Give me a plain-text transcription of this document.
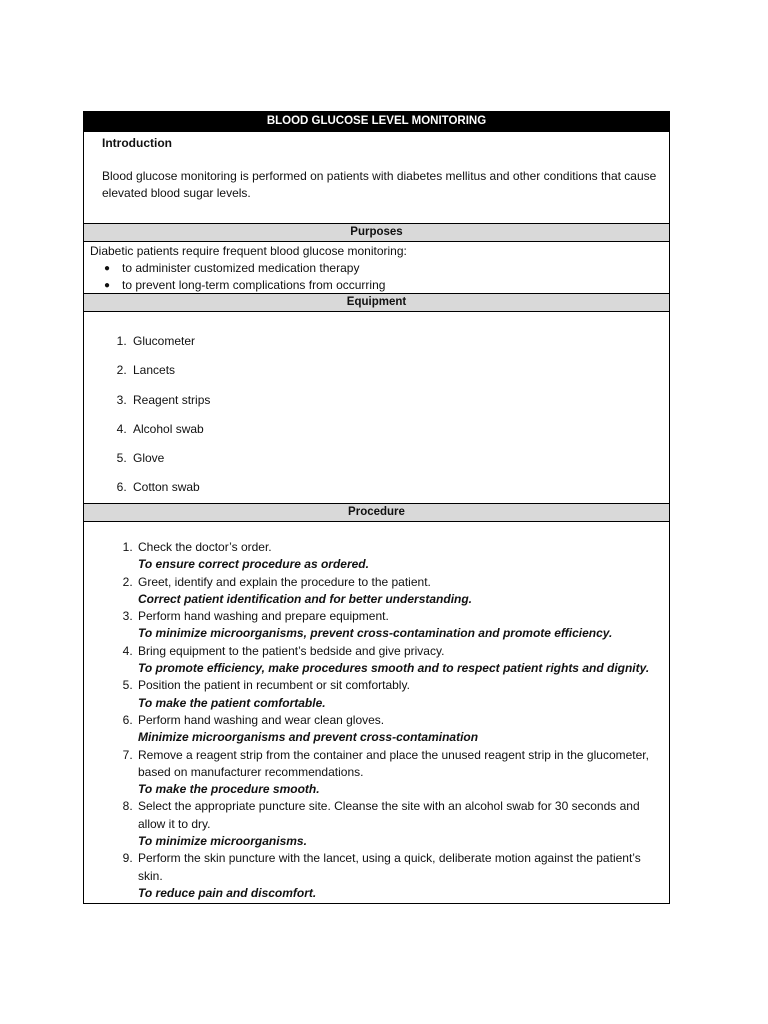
BLOOD GLUCOSE LEVEL MONITORING
Introduction
Blood glucose monitoring is performed on patients with diabetes mellitus and other conditions that cause elevated blood sugar levels.
Purposes
Diabetic patients require frequent blood glucose monitoring:
● to administer customized medication therapy
● to prevent long-term complications from occurring
Equipment
1. Glucometer
2. Lancets
3. Reagent strips
4. Alcohol swab
5. Glove
6. Cotton swab
Procedure
1. Check the doctor’s order.
To ensure correct procedure as ordered.
2. Greet, identify and explain the procedure to the patient.
Correct patient identification and for better understanding.
3. Perform hand washing and prepare equipment.
To minimize microorganisms, prevent cross-contamination and promote efficiency.
4. Bring equipment to the patient’s bedside and give privacy.
To promote efficiency, make procedures smooth and to respect patient rights and dignity.
5. Position the patient in recumbent or sit comfortably.
To make the patient comfortable.
6. Perform hand washing and wear clean gloves.
Minimize microorganisms and prevent cross-contamination
7. Remove a reagent strip from the container and place the unused reagent strip in the glucometer, based on manufacturer recommendations.
To make the procedure smooth.
8. Select the appropriate puncture site. Cleanse the site with an alcohol swab for 30 seconds and allow it to dry.
To minimize microorganisms.
9. Perform the skin puncture with the lancet, using a quick, deliberate motion against the patient’s skin.
To reduce pain and discomfort.
